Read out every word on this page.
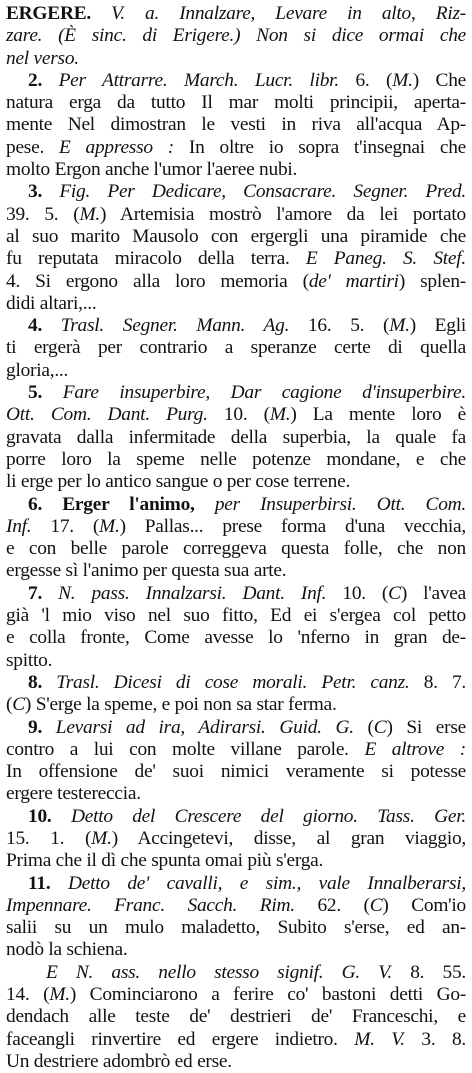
ERGERE. V. a. Innalzare, Levare in alto, Riz-
zare. (È sinc. di Erigere.) Non si dice ormai che
nel verso.
2. Per Attrarre. March. Lucr. libr. 6. (M.) Che
natura erga da tutto Il mar molti principii, aperta-
mente Nel dimostran le vesti in riva all'acqua Ap-
pese. E appresso : In oltre io sopra t'insegnai che
molto Ergon anche l'umor l'aeree nubi.
3. Fig. Per Dedicare, Consacrare. Segner. Pred.
39. 5. (M.) Artemisia mostrò l'amore da lei portato
al suo marito Mausolo con ergergli una piramide che
fu reputata miracolo della terra. E Paneg. S. Stef.
4. Si ergono alla loro memoria (de' martiri) splen-
didi altari,...
4. Trasl. Segner. Mann. Ag. 16. 5. (M.) Egli
ti ergerà per contrario a speranze certe di quella
gloria,...
5. Fare insuperbire, Dar cagione d'insuperbire.
Ott. Com. Dant. Purg. 10. (M.) La mente loro è
gravata dalla infermitade della superbia, la quale fa
porre loro la speme nelle potenze mondane, e che
li erge per lo antico sangue o per cose terrene.
6. Erger l'animo, per Insuperbirsi. Ott. Com.
Inf. 17. (M.) Pallas... prese forma d'una vecchia,
e con belle parole correggeva questa folle, che non
ergesse sì l'animo per questa sua arte.
7. N. pass. Innalzarsi. Dant. Inf. 10. (C) l'avea
già 'l mio viso nel suo fitto, Ed ei s'ergea col petto
e colla fronte, Come avesse lo 'nferno in gran de-
spitto.
8. Trasl. Dicesi di cose morali. Petr. canz. 8. 7.
(C) S'erge la speme, e poi non sa star ferma.
9. Levarsi ad ira, Adirarsi. Guid. G. (C) Si erse
contro a lui con molte villane parole. E altrove :
In offensione de' suoi nimici veramente si potesse
ergere testereccia.
10. Detto del Crescere del giorno. Tass. Ger.
15. 1. (M.) Accingetevi, disse, al gran viaggio,
Prima che il dì che spunta omai più s'erga.
11. Detto de' cavalli, e sim., vale Innalberarsi,
Impennare. Franc. Sacch. Rim. 62. (C) Com'io
salii su un mulo maladetto, Subito s'erse, ed an-
nodò la schiena.
E N. ass. nello stesso signif. G. V. 8. 55.
14. (M.) Cominciarono a ferire co' bastoni detti Go-
dendach alle teste de' destrieri de' Franceschi, e
faceangli rinvertire ed ergere indietro. M. V. 3. 8.
Un destriere adombrò ed erse.
